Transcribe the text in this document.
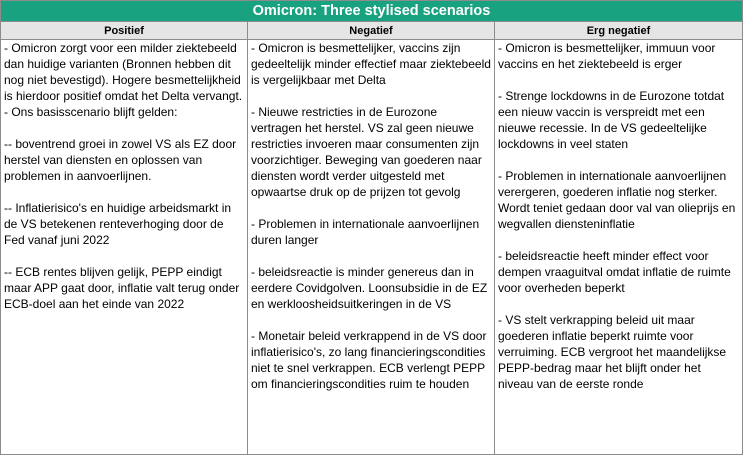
Omicron: Three stylised scenarios
Positief	Negatief	Erg negatief
- Omicron zorgt voor een milder ziektebeeld dan huidige varianten (Bronnen hebben dit nog niet bevestigd). Hogere besmettelijkheid is hierdoor positief omdat het Delta vervangt.
- Ons basisscenario blijft gelden:

-- boventrend groei in zowel VS als EZ door herstel van diensten en oplossen van problemen in aanvoerlijnen.

-- Inflatierisico's en huidige arbeidsmarkt in de VS betekenen renteverhoging door de Fed vanaf juni 2022

-- ECB rentes blijven gelijk, PEPP eindigt maar APP gaat door, inflatie valt terug onder ECB-doel aan het einde van 2022
- Omicron is besmettelijker, vaccins zijn gedeeltelijk minder effectief maar ziektebeeld is vergelijkbaar met Delta

- Nieuwe restricties in de Eurozone vertragen het herstel. VS zal geen nieuwe restricties invoeren maar consumenten zijn voorzichtiger. Beweging van goederen naar diensten wordt verder uitgesteld met opwaartse druk op de prijzen tot gevolg

- Problemen in internationale aanvoerlijnen duren langer

- beleidsreactie is minder genereus dan in eerdere Covidgolven. Loonsubsidie in de EZ en werkloosheidsuitkeringen in de VS

- Monetair beleid verkrappend in de VS door inflatierisico's, zo lang financieringscondities niet te snel verkrappen. ECB verlengt PEPP om financieringscondities ruim te houden
- Omicron is besmettelijker, immuun voor vaccins en het ziektebeeld is erger

- Strenge lockdowns in de Eurozone totdat een nieuw vaccin is verspreidt met een nieuwe recessie. In de VS gedeeltelijke lockdowns in veel staten

- Problemen in internationale aanvoerlijnen verergeren, goederen inflatie nog sterker. Wordt teniet gedaan door val van olieprijs en wegvallen diensteninflatie

- beleidsreactie heeft minder effect voor dempen vraaguitval omdat inflatie de ruimte voor overheden beperkt

- VS stelt verkrapping beleid uit maar goederen inflatie beperkt ruimte voor verruiming. ECB vergroot het maandelijkse PEPP-bedrag maar het blijft onder het niveau van de eerste ronde
